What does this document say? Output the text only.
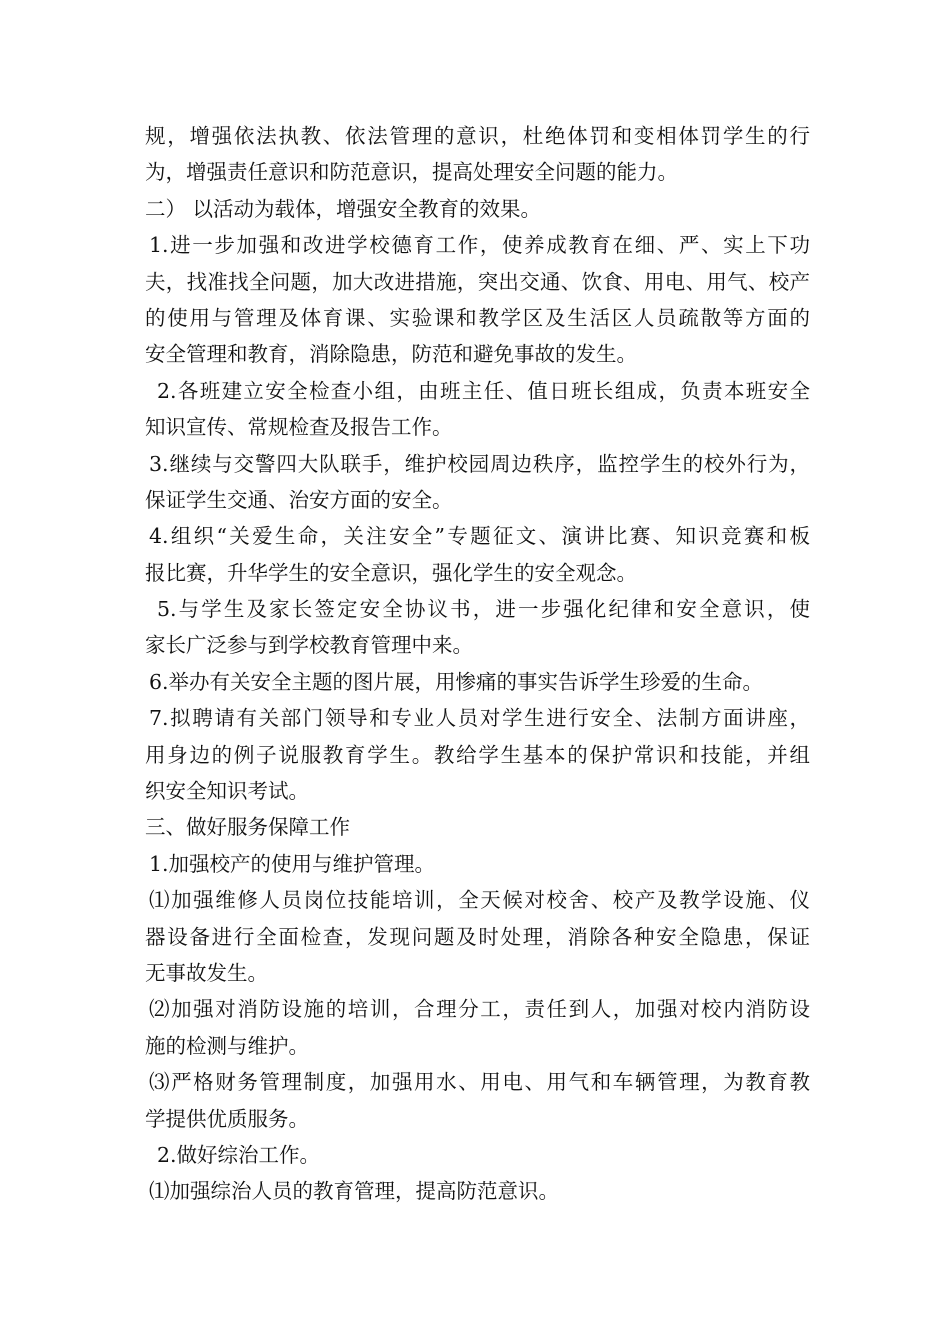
规，增强依法执教、依法管理的意识，杜绝体罚和变相体罚学生的行
为，增强责任意识和防范意识，提高处理安全问题的能力。
二） 以活动为载体，增强安全教育的效果。
1.进一步加强和改进学校德育工作，使养成教育在细、严、实上下功
夫，找准找全问题，加大改进措施，突出交通、饮食、用电、用气、校产
的使用与管理及体育课、实验课和教学区及生活区人员疏散等方面的
安全管理和教育，消除隐患，防范和避免事故的发生。
2.各班建立安全检查小组，由班主任、值日班长组成，负责本班安全
知识宣传、常规检查及报告工作。
3.继续与交警四大队联手，维护校园周边秩序，监控学生的校外行为，
保证学生交通、治安方面的安全。
4.组织“关爱生命，关注安全”专题征文、演讲比赛、知识竞赛和板
报比赛，升华学生的安全意识，强化学生的安全观念。
5.与学生及家长签定安全协议书，进一步强化纪律和安全意识，使
家长广泛参与到学校教育管理中来。
6.举办有关安全主题的图片展，用惨痛的事实告诉学生珍爱的生命。
7.拟聘请有关部门领导和专业人员对学生进行安全、法制方面讲座，
用身边的例子说服教育学生。教给学生基本的保护常识和技能，并组
织安全知识考试。
三、做好服务保障工作
1.加强校产的使用与维护管理。
⑴加强维修人员岗位技能培训，全天候对校舍、校产及教学设施、仪
器设备进行全面检查，发现问题及时处理，消除各种安全隐患，保证
无事故发生。
⑵加强对消防设施的培训，合理分工，责任到人，加强对校内消防设
施的检测与维护。
⑶严格财务管理制度，加强用水、用电、用气和车辆管理，为教育教
学提供优质服务。
2.做好综治工作。
⑴加强综治人员的教育管理，提高防范意识。
